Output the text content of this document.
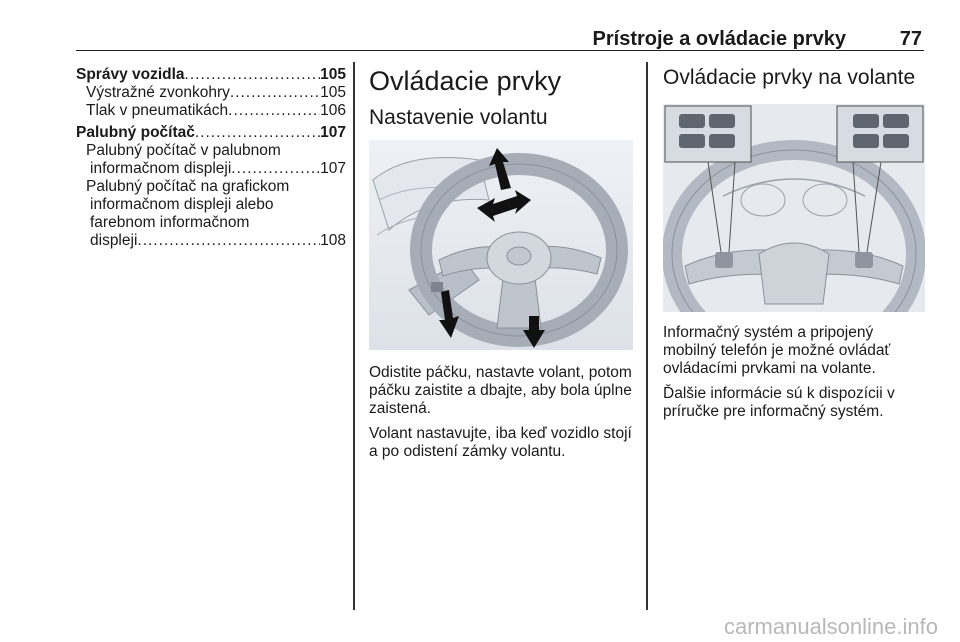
Prístroje a ovládacie prvky	77
Správy vozidla .....	105
Výstražné zvonkohry .....	105
Tlak v pneumatikách .....	106
Palubný počítač .....	107
Palubný počítač v palubnom
informačnom displeji .....	107
Palubný počítač na grafickom
informačnom displeji alebo
farebnom informačnom
displeji .....	108
Ovládacie prvky
Nastavenie volantu

Odistite páčku, nastavte volant, potom páčku zaistite a dbajte, aby bola úplne zaistená.

Volant nastavujte, iba keď vozidlo stojí a po odistení zámky volantu.

Ovládacie prvky na volante

Informačný systém a pripojený mobilný telefón je možné ovládať ovládacími prvkami na volante.

Ďalšie informácie sú k dispozícii v príručke pre informačný systém.

carmanualsonline.info
